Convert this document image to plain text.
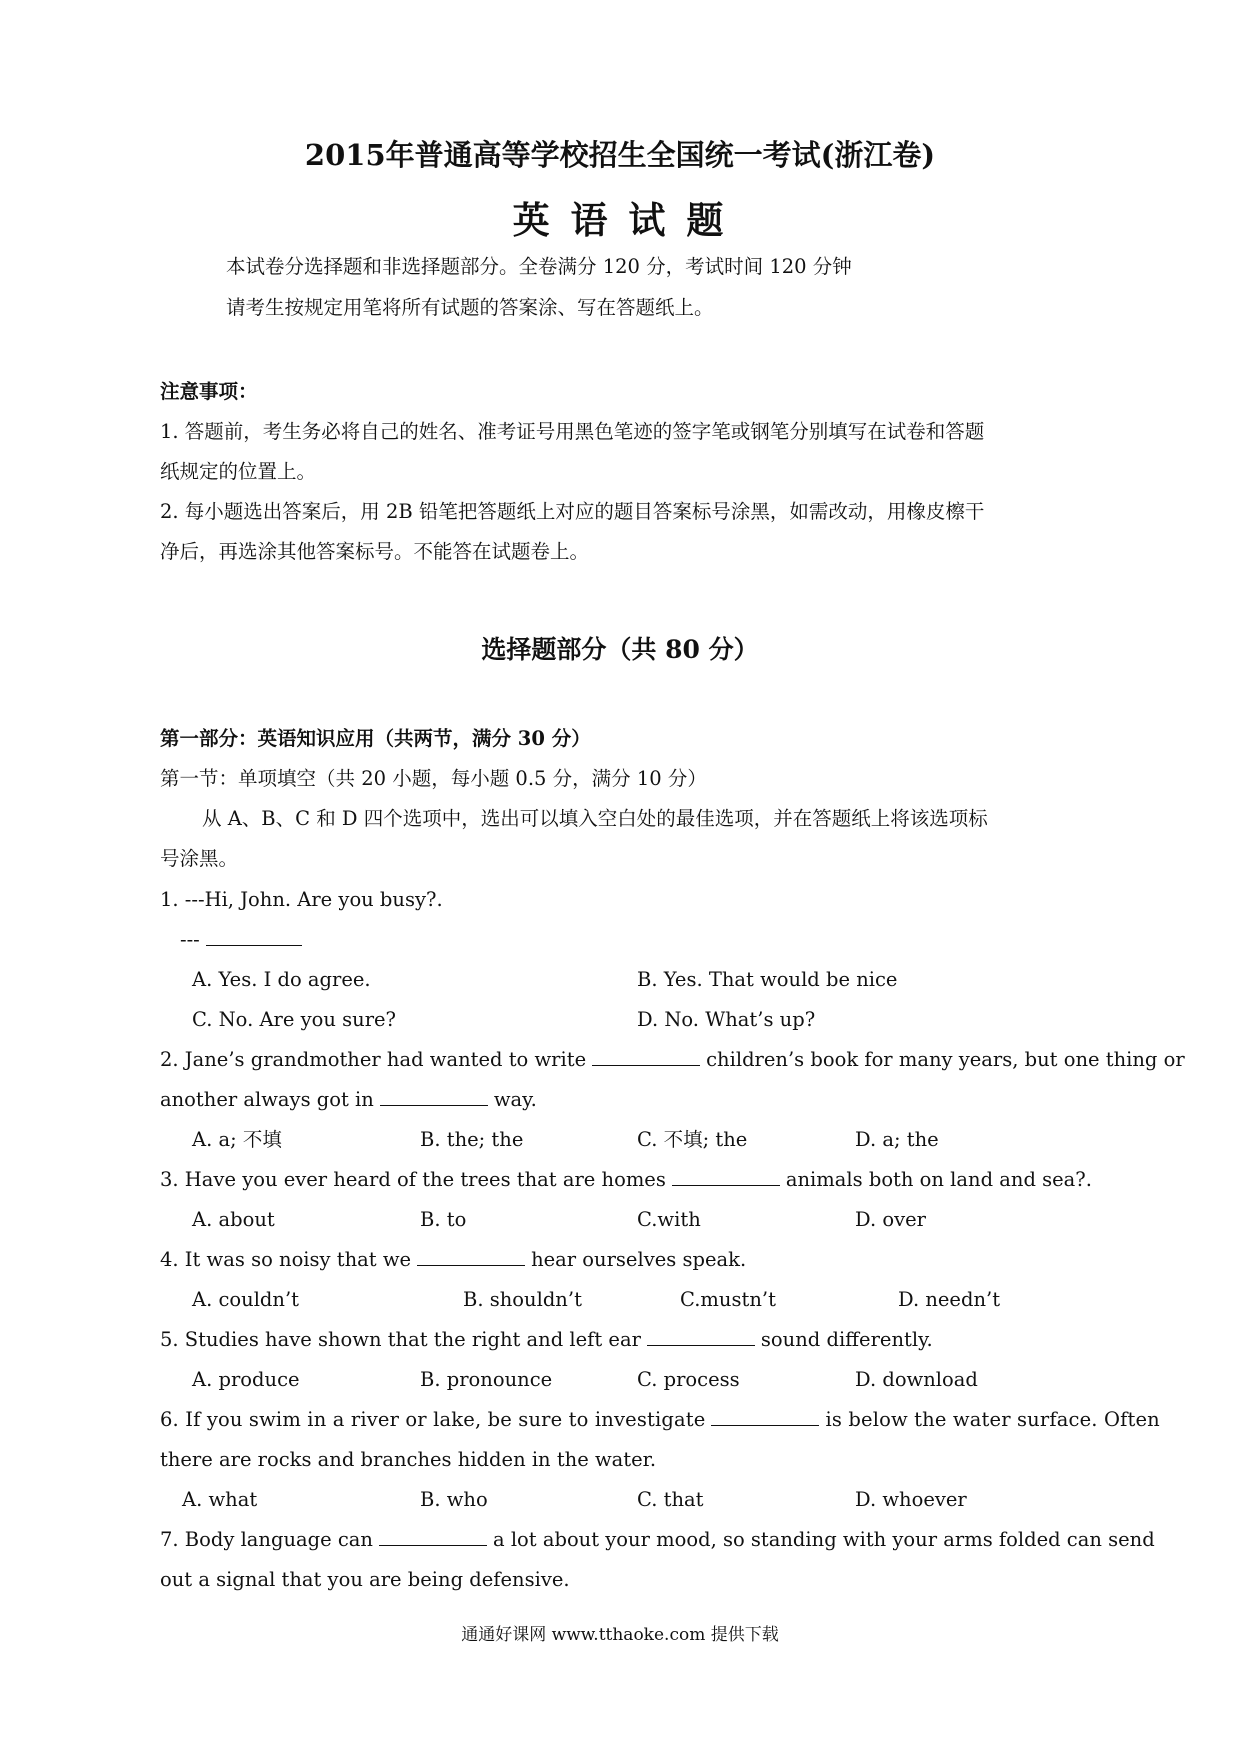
2015年普通高等学校招生全国统一考试(浙江卷)
英 语 试 题
本试卷分选择题和非选择题部分。全卷满分 120 分，考试时间 120 分钟
请考生按规定用笔将所有试题的答案涂、写在答题纸上。
注意事项：
1. 答题前，考生务必将自己的姓名、准考证号用黑色笔迹的签字笔或钢笔分别填写在试卷和答题
纸规定的位置上。
2. 每小题选出答案后，用 2B 铅笔把答题纸上对应的题目答案标号涂黑，如需改动，用橡皮檫干
净后，再选涂其他答案标号。不能答在试题卷上。
选择题部分（共 80 分）
第一部分：英语知识应用（共两节，满分 30 分）
第一节：单项填空（共 20 小题，每小题 0.5 分，满分 10 分）
从 A、B、C 和 D 四个选项中，选出可以填入空白处的最佳选项，并在答题纸上将该选项标
号涂黑。
1. ---Hi, John. Are you busy?.
---
A. Yes. I do agree.	B. Yes. That would be nice
C. No. Are you sure?	D. No. What’s up?
2. Jane’s grandmother had wanted to write	children’s book for many years, but one thing or
another always got in	way.
A. a; 不填	B. the; the	C. 不填; the	D. a; the
3. Have you ever heard of the trees that are homes	animals both on land and sea?.
A. about	B. to	C.with	D. over
4. It was so noisy that we	hear ourselves speak.
A. couldn’t	B. shouldn’t	C.mustn’t	D. needn’t
5. Studies have shown that the right and left ear	sound differently.
A. produce	B. pronounce	C. process	D. download
6. If you swim in a river or lake, be sure to investigate	is below the water surface. Often
there are rocks and branches hidden in the water.
A. what	B. who	C. that	D. whoever
7. Body language can	a lot about your mood, so standing with your arms folded can send
out a signal that you are being defensive.
通通好课网 www.tthaoke.com 提供下载
